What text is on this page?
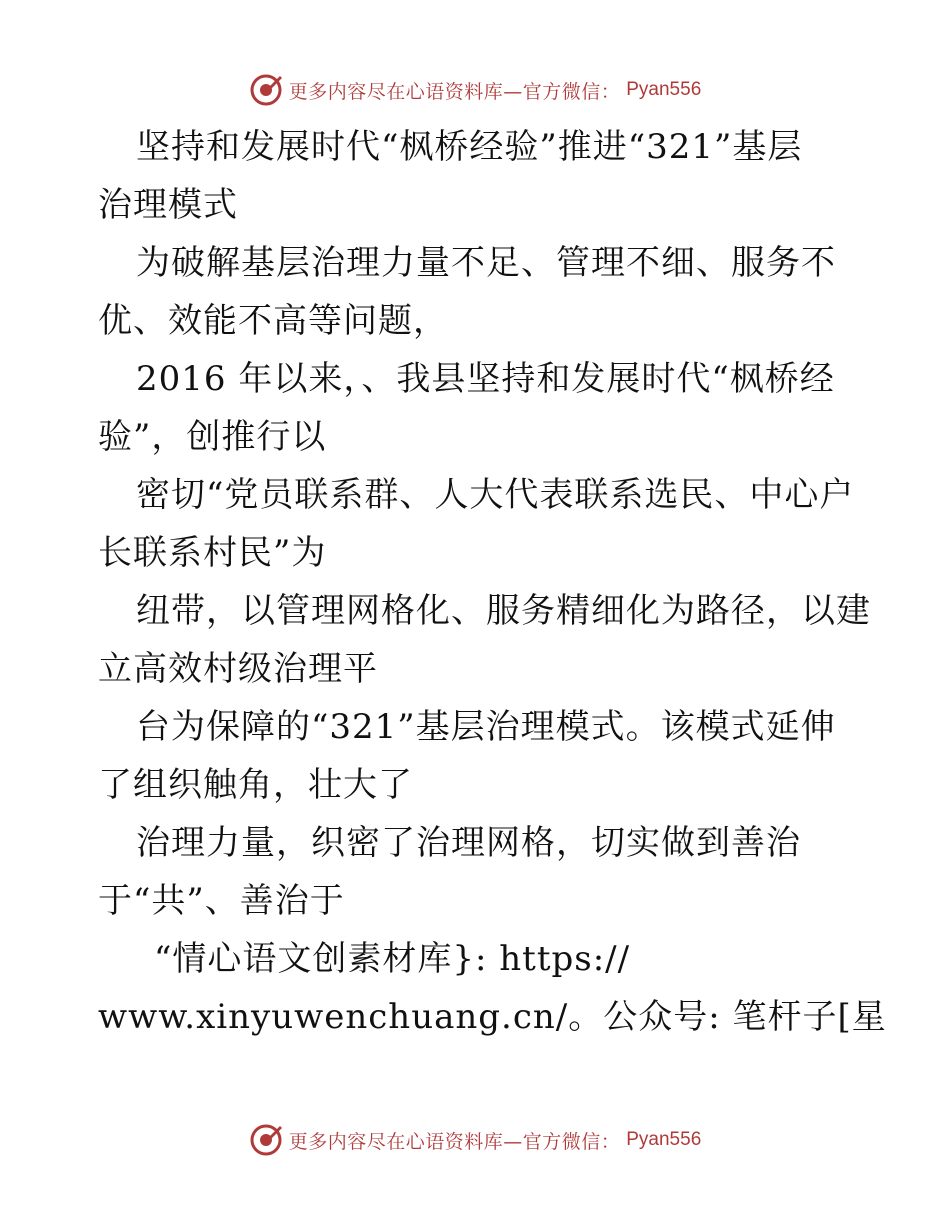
更多内容尽在心语资料库—官方微信： Pyan556
坚持和发展时代“枫桥经验”推进“321”基层
治理模式
为破解基层治理力量不足、管理不细、服务不
优、效能不高等问题，
2016 年以来，、我县坚持和发展时代“枫桥经
验”，创推行以
密切“党员联系群、人大代表联系选民、中心户
长联系村民”为
纽带，以管理网格化、服务精细化为路径，以建
立高效村级治理平
台为保障的“321”基层治理模式。该模式延伸
了组织触角，壮大了
治理力量，织密了治理网格，切实做到善治
于“共”、善治于
“情心语文创素材库}: https://
www.xinyuwenchuang.cn/。公众号: 笔杆子[星
更多内容尽在心语资料库—官方微信： Pyan556
